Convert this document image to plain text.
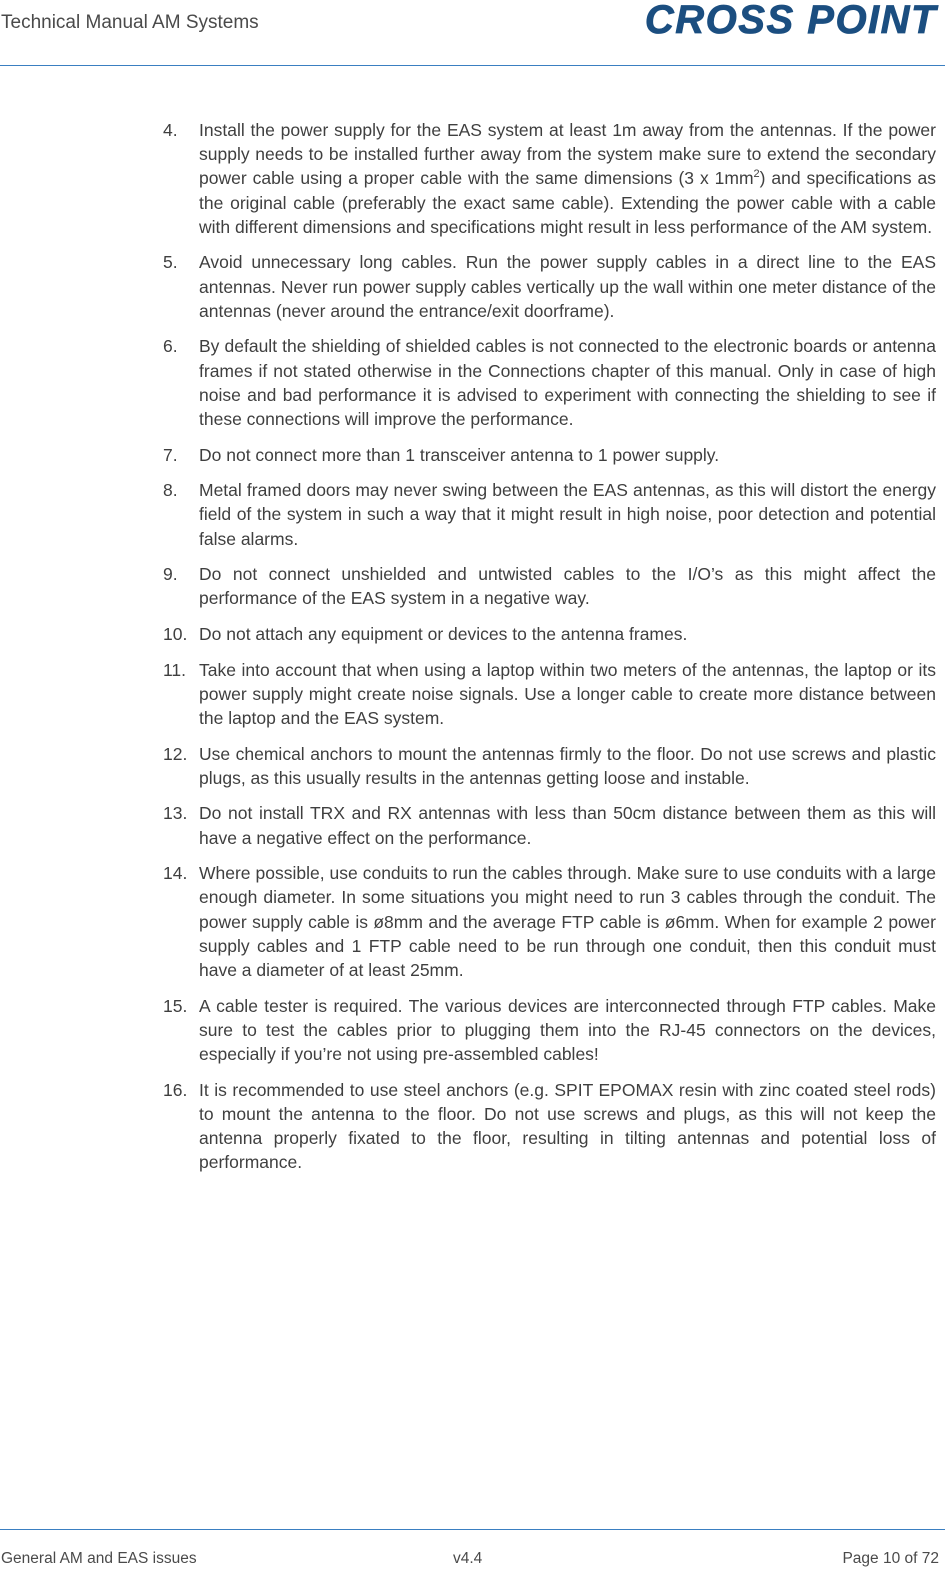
Technical Manual AM Systems	CROSS POINT
4.	Install the power supply for the EAS system at least 1m away from the antennas. If the power supply needs to be installed further away from the system make sure to extend the secondary power cable using a proper cable with the same dimensions (3 x $1mm^2$) and specifications as the original cable (preferably the exact same cable). Extending the power cable with a cable with different dimensions and specifications might result in less performance of the AM system.
5.	Avoid unnecessary long cables. Run the power supply cables in a direct line to the EAS antennas. Never run power supply cables vertically up the wall within one meter distance of the antennas (never around the entrance/exit doorframe).
6.	By default the shielding of shielded cables is not connected to the electronic boards or antenna frames if not stated otherwise in the Connections chapter of this manual. Only in case of high noise and bad performance it is advised to experiment with connecting the shielding to see if these connections will improve the performance.
7.	Do not connect more than 1 transceiver antenna to 1 power supply.
8.	Metal framed doors may never swing between the EAS antennas, as this will distort the energy field of the system in such a way that it might result in high noise, poor detection and potential false alarms.
9.	Do not connect unshielded and untwisted cables to the I/O’s as this might affect the performance of the EAS system in a negative way.
10. Do not attach any equipment or devices to the antenna frames.
11. Take into account that when using a laptop within two meters of the antennas, the laptop or its power supply might create noise signals. Use a longer cable to create more distance between the laptop and the EAS system.
12. Use chemical anchors to mount the antennas firmly to the floor. Do not use screws and plastic plugs, as this usually results in the antennas getting loose and instable.
13. Do not install TRX and RX antennas with less than 50cm distance between them as this will have a negative effect on the performance.
14. Where possible, use conduits to run the cables through. Make sure to use conduits with a large enough diameter. In some situations you might need to run 3 cables through the conduit. The power supply cable is ø8mm and the average FTP cable is ø6mm. When for example 2 power supply cables and 1 FTP cable need to be run through one conduit, then this conduit must have a diameter of at least 25mm.
15. A cable tester is required. The various devices are interconnected through FTP cables. Make sure to test the cables prior to plugging them into the RJ-45 connectors on the devices, especially if you’re not using pre-assembled cables!
16. It is recommended to use steel anchors (e.g. SPIT EPOMAX resin with zinc coated steel rods) to mount the antenna to the floor. Do not use screws and plugs, as this will not keep the antenna properly fixated to the floor, resulting in tilting antennas and potential loss of performance.
General AM and EAS issues	v4.4	Page 10 of 72
